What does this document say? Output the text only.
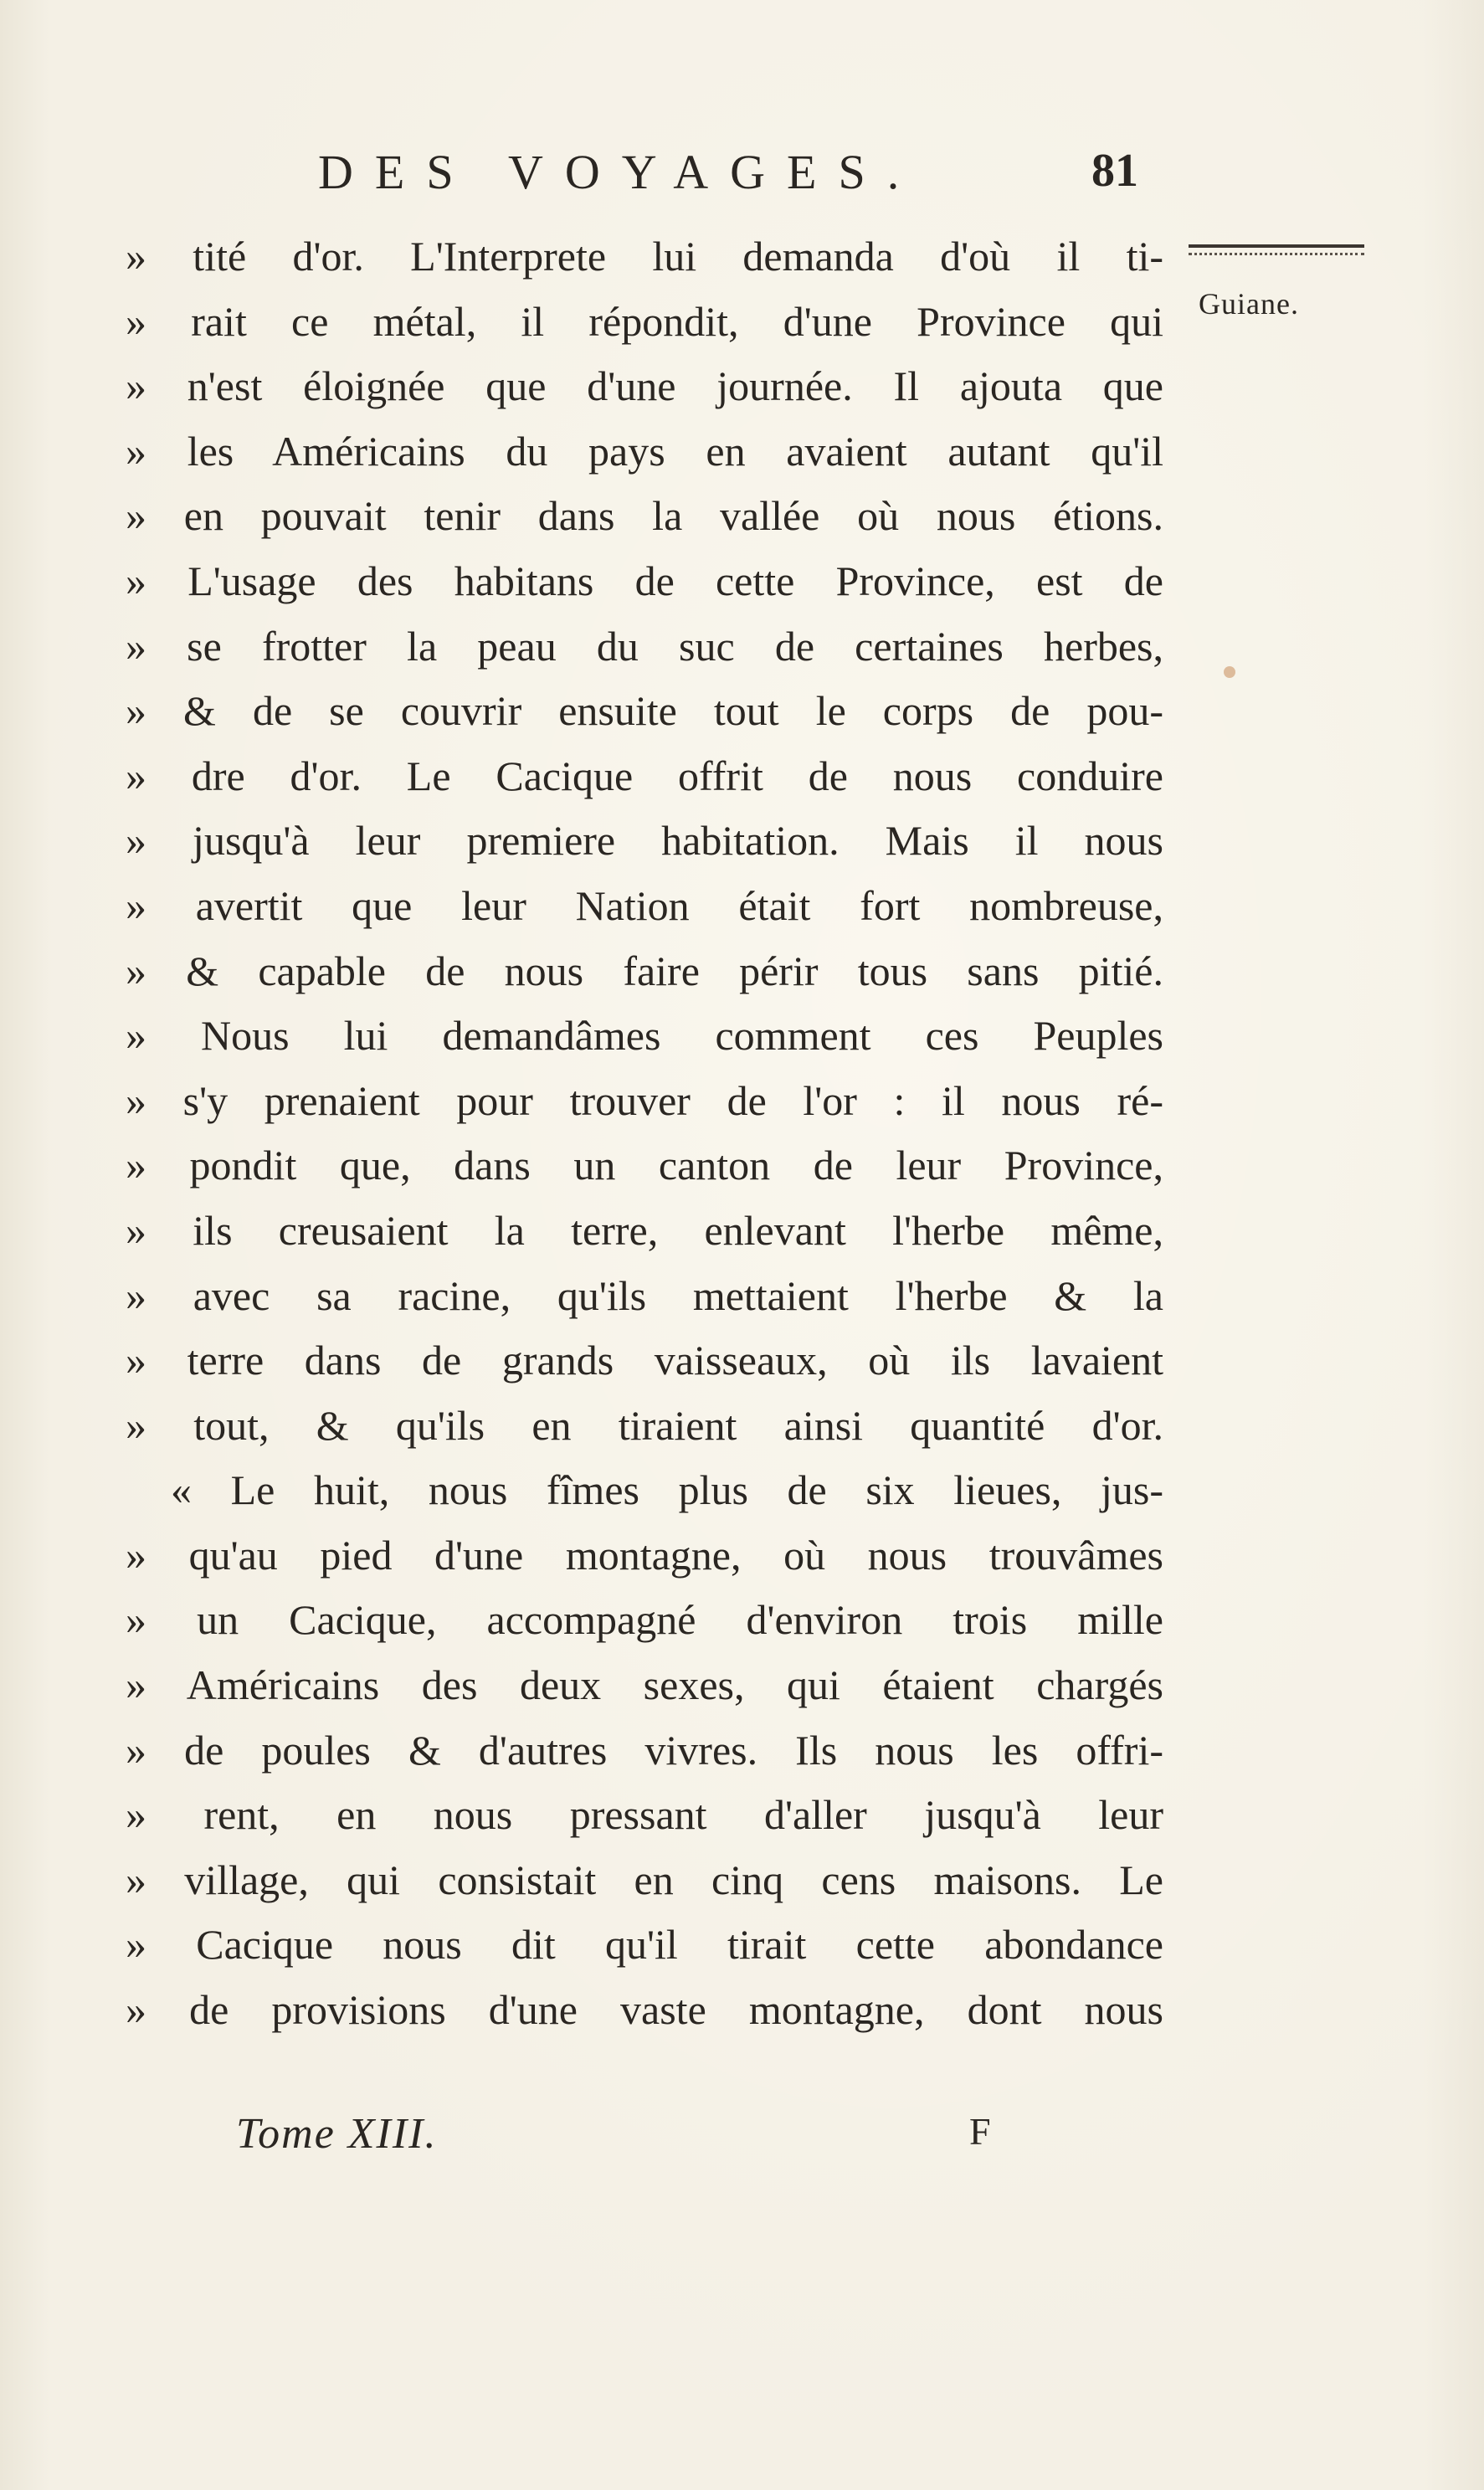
DES VOYAGES.	81
Guiane.
» tité d'or. L'Interprete lui demanda d'où il ti-
» rait ce métal, il répondit, d'une Province qui
» n'est éloignée que d'une journée. Il ajouta que
» les Américains du pays en avaient autant qu'il
» en pouvait tenir dans la vallée où nous étions.
» L'usage des habitans de cette Province, est de
» se frotter la peau du suc de certaines herbes,
» & de se couvrir ensuite tout le corps de pou-
» dre d'or. Le Cacique offrit de nous conduire
» jusqu'à leur premiere habitation. Mais il nous
» avertit que leur Nation était fort nombreuse,
» & capable de nous faire périr tous sans pitié.
» Nous lui demandâmes comment ces Peuples
» s'y prenaient pour trouver de l'or : il nous ré-
» pondit que, dans un canton de leur Province,
» ils creusaient la terre, enlevant l'herbe même,
» avec sa racine, qu'ils mettaient l'herbe & la
» terre dans de grands vaisseaux, où ils lavaient
» tout, & qu'ils en tiraient ainsi quantité d'or.
« Le huit, nous fîmes plus de six lieues, jus-
» qu'au pied d'une montagne, où nous trouvâmes
» un Cacique, accompagné d'environ trois mille
» Américains des deux sexes, qui étaient chargés
» de poules & d'autres vivres. Ils nous les offri-
» rent, en nous pressant d'aller jusqu'à leur
» village, qui consistait en cinq cens maisons. Le
» Cacique nous dit qu'il tirait cette abondance
» de provisions d'une vaste montagne, dont nous
Tome XIII.	F
